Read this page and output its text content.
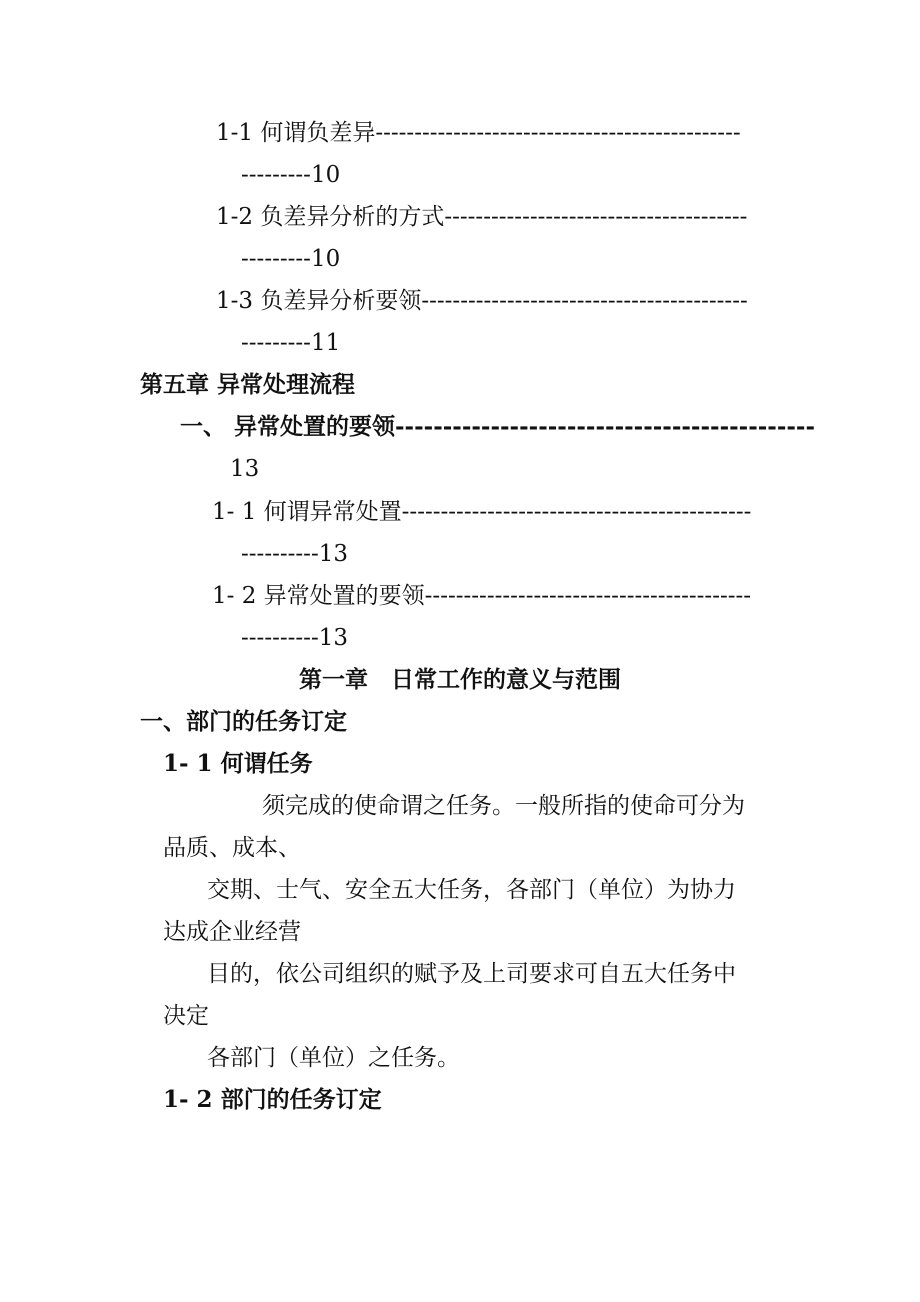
1-1 何谓负差异-----------------------------------------------
---------10
1-2 负差异分析的方式---------------------------------------
---------10
1-3 负差异分析要领------------------------------------------
---------11
第五章 异常处理流程
一、 异常处置的要领--------------------------------------------
13
1- 1 何谓异常处置---------------------------------------------
----------13
1- 2 异常处置的要领------------------------------------------
----------13
第一章　日常工作的意义与范围
一、部门的任务订定
1- 1 何谓任务
须完成的使命谓之任务。一般所指的使命可分为
品质、成本、
交期、士气、安全五大任务，各部门（单位）为协力
达成企业经营
目的，依公司组织的赋予及上司要求可自五大任务中
决定
各部门（单位）之任务。
1- 2 部门的任务订定
